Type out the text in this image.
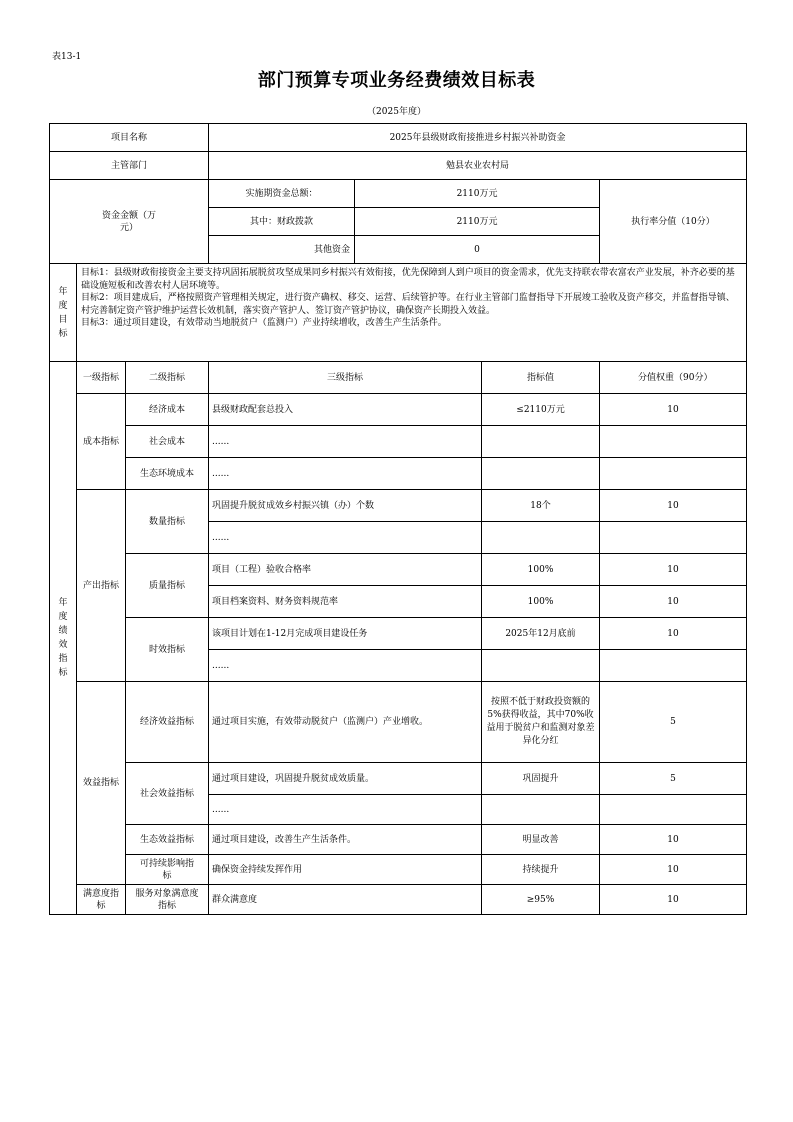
表13-1
部门预算专项业务经费绩效目标表
（2025年度）
项目名称			2025年县级财政衔接推进乡村振兴补助资金			
主管部门			勉县农业农村局			

资金金额（万元）			实施期资金总额：	2110万元		执行率分值（10分）
			其中：财政拨款	2110万元		
			其他资金	0		

年度目标	目标1：县级财政衔接资金主要支持巩固拓展脱贫攻坚成果同乡村振兴有效衔接，优先保障到人到户项目的资金需求，优先支持联农带农富农产业发展，补齐必要的基础设施短板和改善农村人居环境等。

目标2：项目建成后，严格按照资产管理相关规定，进行资产确权、移交、运营、后续管护等。在行业主管部门监督指导下开展竣工验收及资产移交，并监督指导镇、村完善制定资产管护维护运营长效机制，落实资产管护人、签订资产管护协议，确保资产长期投入效益。

目标3：通过项目建设，有效带动当地脱贫户（监测户）产业持续增收，改善生产生活条件。					

年度绩效指标	一级指标	二级指标	三级指标		指标值	分值权重（90分）

	成本指标	经济成本	县级财政配套总投入		≤2110万元	10
		社会成本	......			

		生态环境成本	......			
	产出指标	数量指标	巩固提升脱贫成效乡村振兴镇（办）个数		18个	10
			......			
		质量指标	项目（工程）验收合格率		100%	10
			项目档案资料、财务资料规范率		100%	10
		时效指标	该项目计划在1-12月完成项目建设任务		2025年12月底前	10
			......			
	效益指标	经济效益指标	通过项目实施，有效带动脱贫户（监测户）产业增收。		按照不低于财政投资额的5%获得收益，其中70%收益用于脱贫户和监测对象差异化分红	5

		社会效益指标	通过项目建设，巩固提升脱贫成效质量。		巩固提升	5
			......			

		生态效益指标	通过项目建设，改善生产生活条件。		明显改善	10

		可持续影响指标	确保资金持续发挥作用		持续提升	10
	满意度指标	服务对象满意度指标	群众满意度		≥95%	10
